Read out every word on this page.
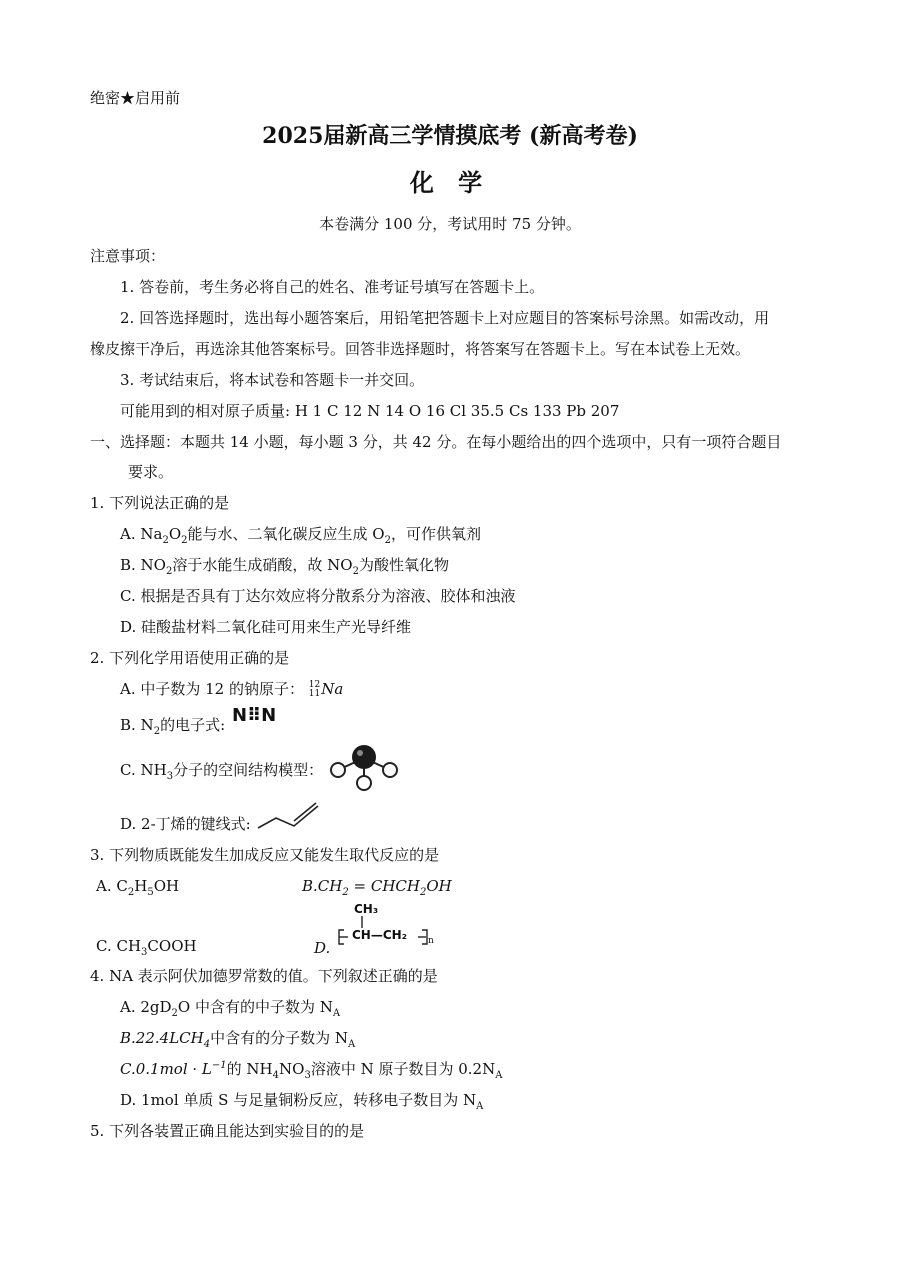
绝密★启用前
2025届新高三学情摸底考 (新高考卷)
化 学
本卷满分 100 分，考试用时 75 分钟。
注意事项：
1. 答卷前，考生务必将自己的姓名、准考证号填写在答题卡上。
2. 回答选择题时，选出每小题答案后，用铅笔把答题卡上对应题目的答案标号涂黑。如需改动，用
橡皮擦干净后，再选涂其他答案标号。回答非选择题时，将答案写在答题卡上。写在本试卷上无效。
3. 考试结束后，将本试卷和答题卡一并交回。
可能用到的相对原子质量: H 1 C 12 N 14 O 16 Cl 35.5 Cs 133 Pb 207
一、选择题：本题共 14 小题，每小题 3 分，共 42 分。在每小题给出的四个选项中，只有一项符合题目
要求。
1. 下列说法正确的是
A. $Na_2O_2$能与水、二氧化碳反应生成 $O_2$，可作供氧剂
B. $NO_2$溶于水能生成硝酸，故 $NO_2$为酸性氧化物
C. 根据是否具有丁达尔效应将分散系分为溶液、胶体和浊液
D. 硅酸盐材料二氧化硅可用来生产光导纤维
2. 下列化学用语使用正确的是
A. 中子数为 12 的钠原子： 12
11 Na
B. $N_2$的电子式: N⠿N
C. $NH_3$分子的空间结构模型：
D. 2-丁烯的键线式:
3. 下列物质既能发生加成反应又能发生取代反应的是
A. $C_2H_5OH$	$B.CH_2$ = $CHCH_2OH$
C. $CH_3COOH$	D.
CH₃
CH—CH₂ n
4. NA 表示阿伏加德罗常数的值。下列叙述正确的是
A. $2gD_2O$ 中含有的中子数为 $N_A$
$B.22.4LCH_4$中含有的分子数为 $N_A$
$C.0.1mol \cdot L^{-1}$的 $NH_4NO_3$溶液中 N 原子数目为 $0.2N_A$
D. 1mol 单质 S 与足量铜粉反应，转移电子数目为 $N_A$
5. 下列各装置正确且能达到实验目的的是
